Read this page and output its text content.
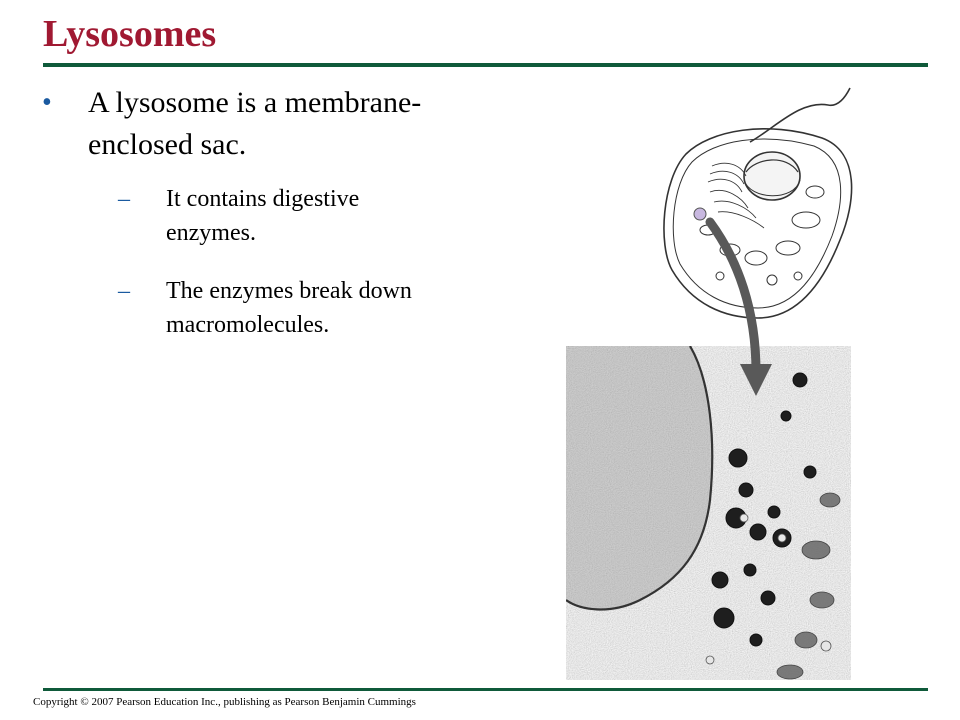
Lysosomes
• A lysosome is a membrane-enclosed sac.
– It contains digestive enzymes.
– The enzymes break down macromolecules.
Copyright © 2007 Pearson Education Inc., publishing as Pearson Benjamin Cummings
